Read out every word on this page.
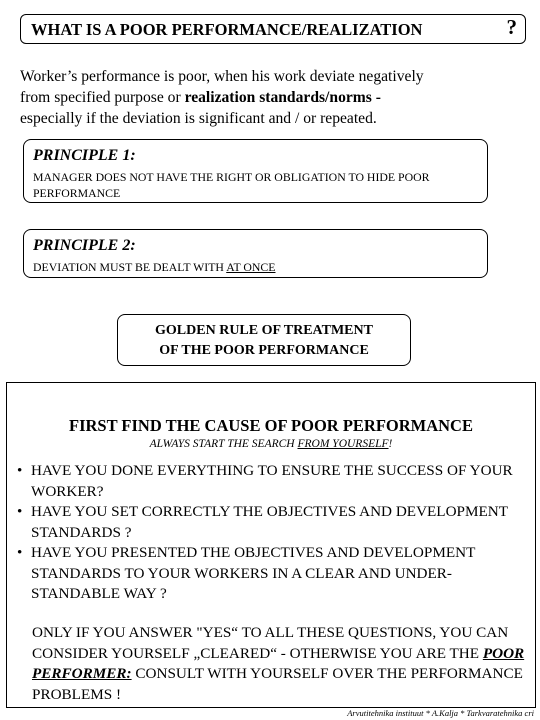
WHAT IS A POOR PERFORMANCE/REALIZATION	?
Worker’s performance is poor, when his work deviate negatively
from specified purpose or realization standards/norms -
especially if the deviation is significant and / or repeated.
PRINCIPLE 1:
MANAGER DOES NOT HAVE THE RIGHT OR OBLIGATION TO HIDE POOR PERFORMANCE
PRINCIPLE 2:
DEVIATION MUST BE DEALT WITH AT ONCE
GOLDEN RULE OF TREATMENT
OF THE POOR PERFORMANCE
FIRST FIND THE CAUSE OF POOR PERFORMANCE
ALWAYS START THE SEARCH FROM YOURSELF!
• HAVE YOU DONE EVERYTHING TO ENSURE THE SUCCESS OF YOUR WORKER?
• HAVE YOU SET CORRECTLY THE OBJECTIVES AND DEVELOPMENT STANDARDS ?
• HAVE YOU PRESENTED THE OBJECTIVES AND DEVELOPMENT STANDARDS TO YOUR WORKERS IN A CLEAR AND UNDER-STANDABLE WAY ?
ONLY IF YOU ANSWER "YES“ TO ALL THESE QUESTIONS, YOU CAN CONSIDER YOURSELF „CLEARED“ - OTHERWISE YOU ARE THE POOR PERFORMER: CONSULT WITH YOURSELF OVER THE PERFORMANCE PROBLEMS !
Arvutitehnika instituut * A.Kalja * Tarkvaratehnika cri
